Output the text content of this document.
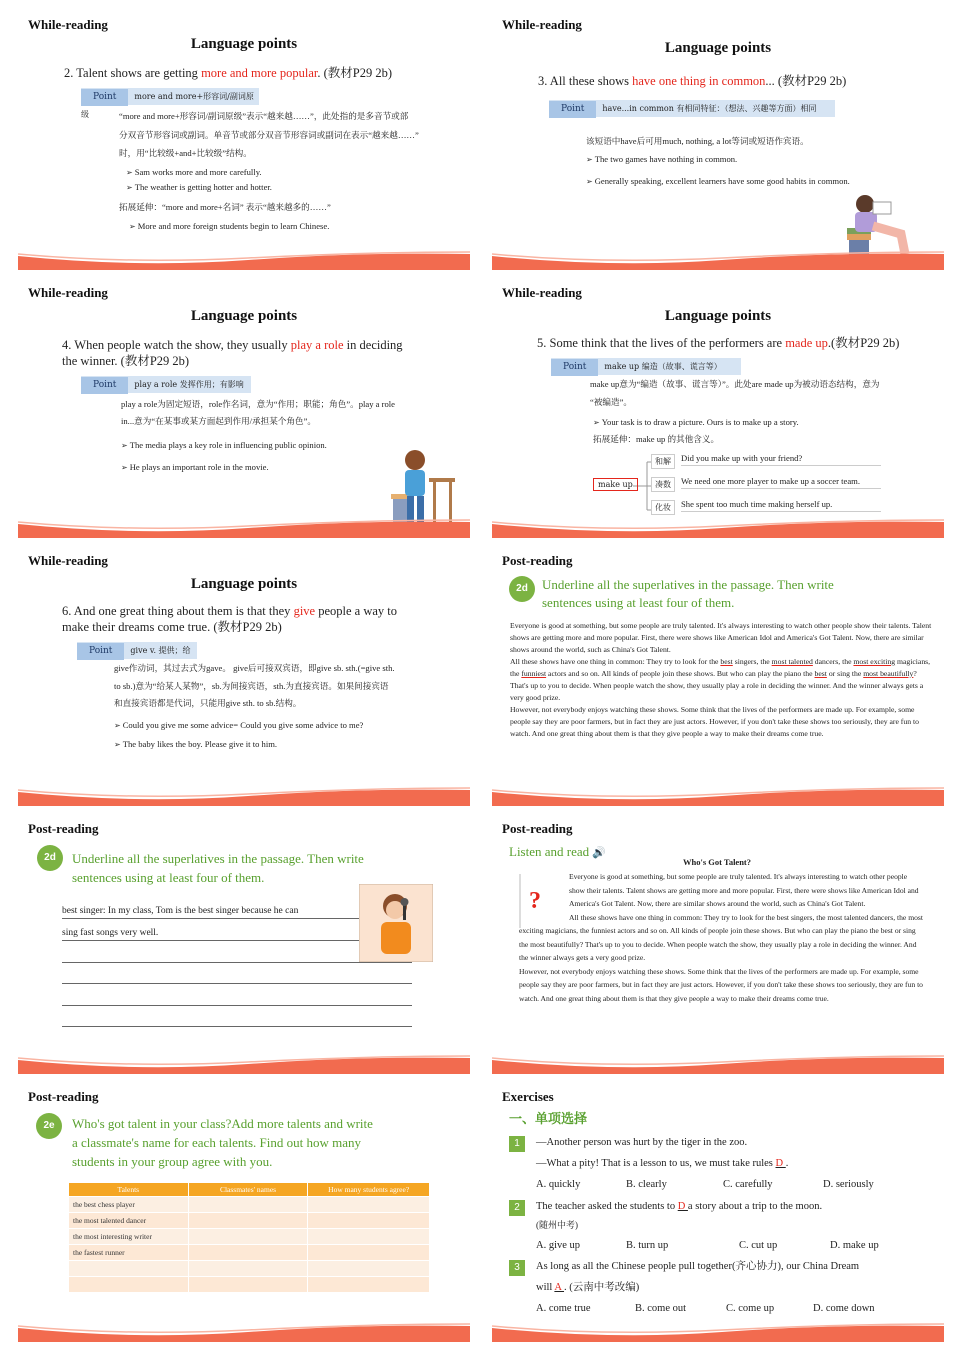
While-reading
Language points
2. Talent shows are getting more and more popular. (教材P29 2b)
Point more and more+形容词/副词原级	“more and more+形容词/副词原级”表示“越来越……”，此处指的是多音节或部
分双音节形容词或副词。单音节或部分双音节形容词或副词在表示“越来越……”
时，用“比较级+and+比较级”结构。
➢ Sam works more and more carefully.
➢ The weather is getting hotter and hotter.
拓展延伸：“more and more+名词” 表示“越来越多的……”
➢ More and more foreign students begin to learn Chinese.
While-reading
Language points
3. All these shows have one thing in common... (教材P29 2b)
Point have...in common 有相同特征：（想法、兴趣等方面）相同
该短语中have后可用much, nothing, a lot等词或短语作宾语。
➢ The two games have nothing in common.
➢ Generally speaking, excellent learners have some good habits in common.
While-reading
Language points
4. When people watch the show, they usually play a role in deciding
the winner. (教材P29 2b)
Point play a role 发挥作用；有影响
play a role为固定短语，role作名词，意为“作用；职能；角色”。play a role
in...意为“在某事或某方面起到作用/承担某个角色”。
➢ The media plays a key role in influencing public opinion.
➢ He plays an important role in the movie.
While-reading
Language points
5. Some think that the lives of the performers are made up.(教材P29 2b)
Point make up 编造（故事、谎言等）
make up意为“编造（故事、谎言等）”。此处are made up为被动语态结构，意为
“被编造”。
➢ Your task is to draw a picture. Ours is to make up a story.
拓展延伸：make up 的其他含义。
make up
和解	Did you make up with your friend?
凑数	We need one more player to make up a soccer team.
化妆	She spent too much time making herself up.
While-reading
Language points
6. And one great thing about them is that they give people a way to
make their dreams come true. (教材P29 2b)
Point give v. 提供；给
give作动词，其过去式为gave。 give后可接双宾语，即give sb. sth.(=give sth.
to sb.)意为“给某人某物”，sb.为间接宾语，sth.为直接宾语。如果间接宾语
和直接宾语都是代词，只能用give sth. to sb.结构。
➢ Could you give me some advice= Could you give some advice to me?
➢ The baby likes the boy. Please give it to him.
Post-reading
2d	Underline all the superlatives in the passage. Then write
sentences using at least four of them.
Everyone is good at something, but some people are truly talented. It's always interesting to watch other people show their talents. Talent shows are getting more and more popular. First, there were shows like American Idol and America's Got Talent. Now, there are similar shows around the world, such as China's Got Talent.
All these shows have one thing in common: They try to look for the best singers, the most talented dancers, the most exciting magicians, the funniest actors and so on. All kinds of people join these shows. But who can play the piano the best or sing the most beautifully? That's up to you to decide. When people watch the show, they usually play a role in deciding the winner. And the winner always gets a very good prize.
However, not everybody enjoys watching these shows. Some think that the lives of the performers are made up. For example, some people say they are poor farmers, but in fact they are just actors. However, if you don't take these shows too seriously, they are fun to watch. And one great thing about them is that they give people a way to make their dreams come true.
Post-reading
2d	Underline all the superlatives in the passage. Then write
sentences using at least four of them.
best singer: In my class, Tom is the best singer because he can
sing fast songs very well.
Post-reading
Listen and read 🔊
?
Who's Got Talent?
Everyone is good at something, but some people are truly talented. It's always interesting to watch other people show their talents. Talent shows are getting more and more popular. First, there were shows like American Idol and America's Got Talent. Now, there are similar shows around the world, such as China's Got Talent.
All these shows have one thing in common: They try to look for the best singers, the most talented dancers, the most exciting magicians, the funniest actors and so on. All kinds of people join these shows. But who can play the piano the best or sing the most beautifully? That's up to you to decide. When people watch the show, they usually play a role in deciding the winner. And the winner always gets a very good prize.
However, not everybody enjoys watching these shows. Some think that the lives of the performers are made up. For example, some people say they are poor farmers, but in fact they are just actors. However, if you don't take these shows too seriously, they are fun to watch. And one great thing about them is that they give people a way to make their dreams come true.
Post-reading
2e	Who's got talent in your class?Add more talents and write
a classmate's name for each talents. Find out how many
students in your group agree with you.
Talents	Classmates' names	How many students agree?
the best chess player		
the most talented dancer		
the most interesting writer		
the fastest runner		

Exercises
一、单项选择
1	—Another person was hurt by the tiger in the zoo.
—What a pity! That is a lesson to us, we must take rules D .
A. quickly	B. clearly	C. carefully	D. seriously
2	The teacher asked the students to D a story about a trip to the moon.
(随州中考)
A. give up	B. turn up	C. cut up	D. make up
3	As long as all the Chinese people pull together(齐心协力), our China Dream
will A . (云南中考改编)
A. come true	B. come out	C. come up	D. come down
